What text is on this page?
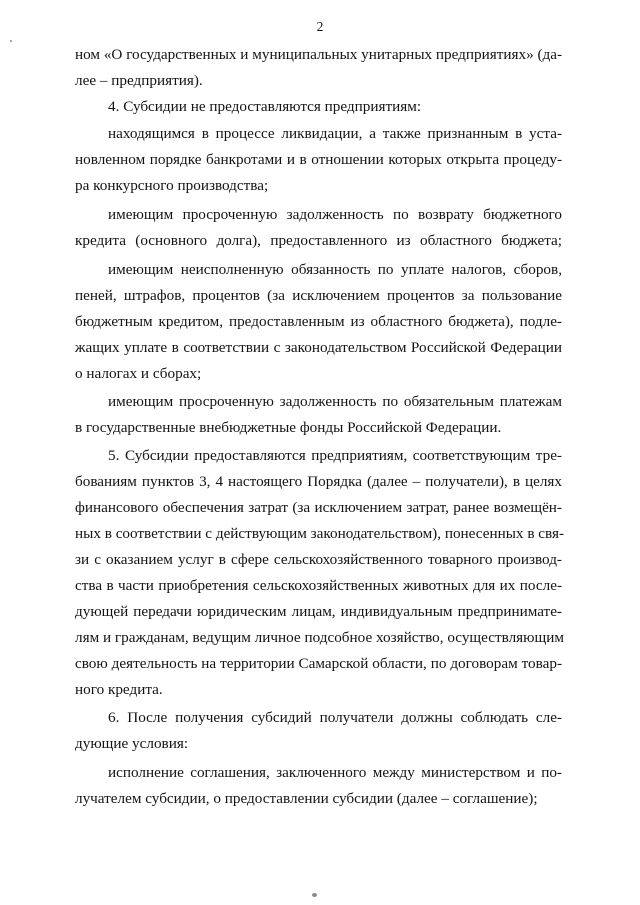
2
ном «О государственных и муниципальных унитарных предприятиях» (да-
лее – предприятия).
4. Субсидии не предоставляются предприятиям:
находящимся в процессе ликвидации, а также признанным в уста-
новленном порядке банкротами и в отношении которых открыта процеду-
ра конкурсного производства;
имеющим просроченную задолженность по возврату бюджетного
кредита (основного долга), предоставленного из областного бюджета;
имеющим неисполненную обязанность по уплате налогов, сборов,
пеней, штрафов, процентов (за исключением процентов за пользование
бюджетным кредитом, предоставленным из областного бюджета), подле-
жащих уплате в соответствии с законодательством Российской Федерации
о налогах и сборах;
имеющим просроченную задолженность по обязательным платежам
в государственные внебюджетные фонды Российской Федерации.
5. Субсидии предоставляются предприятиям, соответствующим тре-
бованиям пунктов 3, 4 настоящего Порядка (далее – получатели), в целях
финансового обеспечения затрат (за исключением затрат, ранее возмещён-
ных в соответствии с действующим законодательством), понесенных в свя-
зи с оказанием услуг в сфере сельскохозяйственного товарного производ-
ства в части приобретения сельскохозяйственных животных для их после-
дующей передачи юридическим лицам, индивидуальным предпринимате-
лям и гражданам, ведущим личное подсобное хозяйство, осуществляющим
свою деятельность на территории Самарской области, по договорам товар-
ного кредита.
6. После получения субсидий получатели должны соблюдать сле-
дующие условия:
исполнение соглашения, заключенного между министерством и по-
лучателем субсидии, о предоставлении субсидии (далее – соглашение);
